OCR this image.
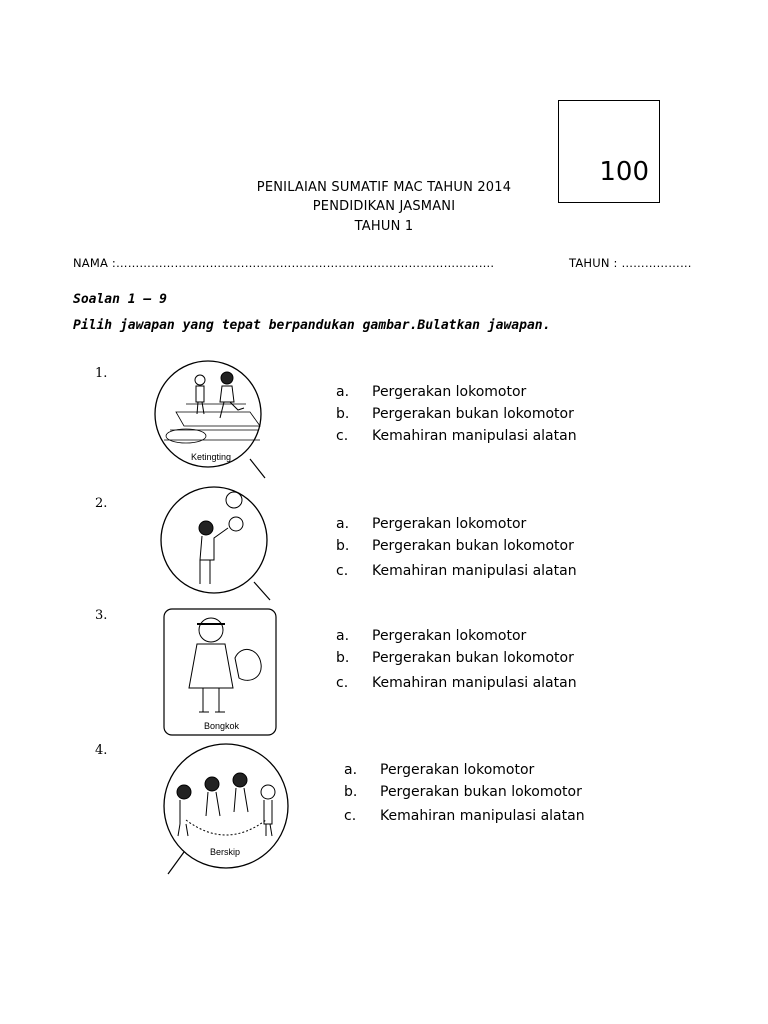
100
PENILAIAN SUMATIF MAC TAHUN 2014
PENDIDIKAN JASMANI
TAHUN 1
NAMA :…………………………………………………………………………………….	TAHUN : ………………
Soalan 1 – 9
Pilih jawapan yang tepat berpandukan gambar.Bulatkan jawapan.
1.
Ketingting
a. Pergerakan lokomotor
b. Pergerakan bukan lokomotor
c. Kemahiran manipulasi alatan
2.
a. Pergerakan lokomotor
b. Pergerakan bukan lokomotor
c. Kemahiran manipulasi alatan
3.
Bongkok
a. Pergerakan lokomotor
b. Pergerakan bukan lokomotor
c. Kemahiran manipulasi alatan
4.
Berskip
a. Pergerakan lokomotor
b. Pergerakan bukan lokomotor
c. Kemahiran manipulasi alatan
